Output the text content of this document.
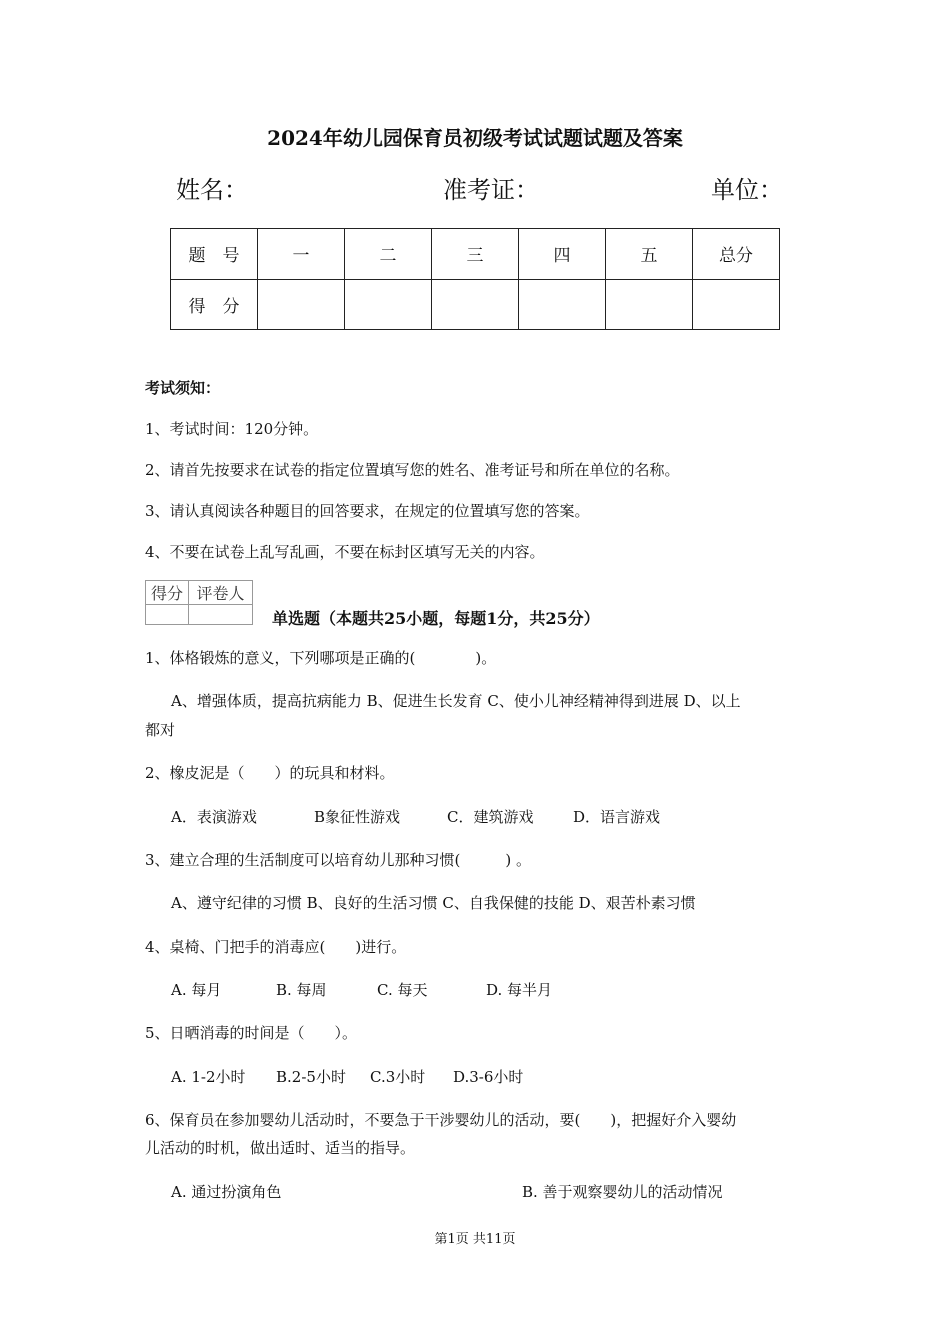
2024年幼儿园保育员初级考试试题试题及答案
姓名：	准考证：	单位：
题　号	一	二	三	四	五	总分
得　分						
考试须知：
1、考试时间：120分钟。
2、请首先按要求在试卷的指定位置填写您的姓名、准考证号和所在单位的名称。
3、请认真阅读各种题目的回答要求，在规定的位置填写您的答案。
4、不要在试卷上乱写乱画，不要在标封区填写无关的内容。
得分	评卷人

单选题（本题共25小题，每题1分，共25分）
1、体格锻炼的意义，下列哪项是正确的(　　　　)。
A、增强体质，提高抗病能力 B、促进生长发育 C、使小儿神经精神得到进展 D、以上
都对
2、橡皮泥是（　　）的玩具和材料。
A．表演游戏	B象征性游戏	C．建筑游戏	D．语言游戏
3、建立合理的生活制度可以培育幼儿那种习惯(　　　) 。
A、遵守纪律的习惯 B、良好的生活习惯 C、自我保健的技能 D、艰苦朴素习惯
4、桌椅、门把手的消毒应(　　)进行。
A. 每月	B. 每周	C. 每天	D. 每半月
5、日晒消毒的时间是（　　）。
A. 1-2小时 B.2-5小时 C.3小时 D.3-6小时
6、保育员在参加婴幼儿活动时，不要急于干涉婴幼儿的活动，要(　　)，把握好介入婴幼
儿活动的时机，做出适时、适当的指导。
A. 通过扮演角色	B. 善于观察婴幼儿的活动情况
第1页 共11页
